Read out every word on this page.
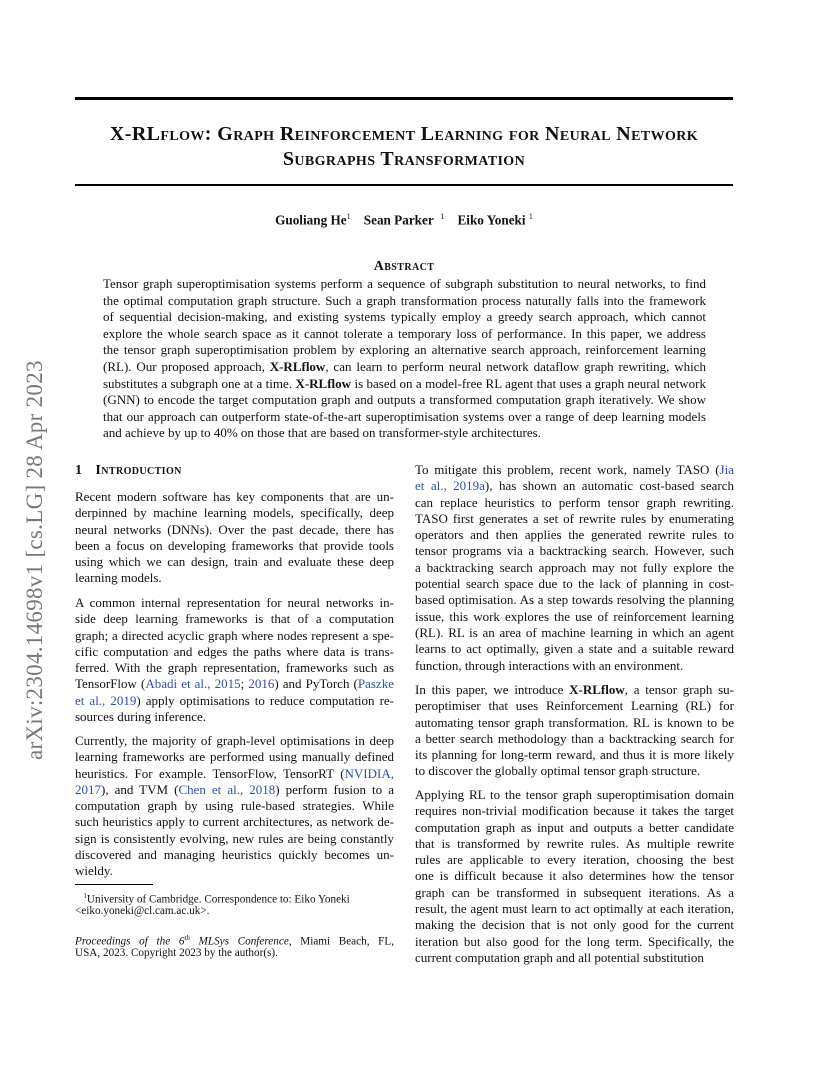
arXiv:2304.14698v1 [cs.LG] 28 Apr 2023
X-RLflow: Graph Reinforcement Learning for Neural Network
Subgraphs Transformation
Guoliang He$^1$ Sean Parker $^1$ Eiko Yoneki $^1$
Abstract
Tensor graph superoptimisation systems perform a sequence of subgraph substitution to neural networks, to find
the optimal computation graph structure. Such a graph transformation process naturally falls into the framework
of sequential decision-making, and existing systems typically employ a greedy search approach, which cannot
explore the whole search space as it cannot tolerate a temporary loss of performance. In this paper, we address
the tensor graph superoptimisation problem by exploring an alternative search approach, reinforcement learning
(RL). Our proposed approach, X-RLflow, can learn to perform neural network dataflow graph rewriting, which
substitutes a subgraph one at a time. X-RLflow is based on a model-free RL agent that uses a graph neural network
(GNN) to encode the target computation graph and outputs a transformed computation graph iteratively. We show
that our approach can outperform state-of-the-art superoptimisation systems over a range of deep learning models
and achieve by up to 40% on those that are based on transformer-style architectures.
1 Introduction
Recent modern software has key components that are un-
derpinned by machine learning models, specifically, deep
neural networks (DNNs). Over the past decade, there has
been a focus on developing frameworks that provide tools
using which we can design, train and evaluate these deep
learning models.
A common internal representation for neural networks in-
side deep learning frameworks is that of a computation
graph; a directed acyclic graph where nodes represent a spe-
cific computation and edges the paths where data is trans-
ferred. With the graph representation, frameworks such as
TensorFlow (Abadi et al., 2015; 2016) and PyTorch (Paszke
et al., 2019) apply optimisations to reduce computation re-
sources during inference.
Currently, the majority of graph-level optimisations in deep
learning frameworks are performed using manually defined
heuristics. For example. TensorFlow, TensorRT (NVIDIA,
2017), and TVM (Chen et al., 2018) perform fusion to a
computation graph by using rule-based strategies. While
such heuristics apply to current architectures, as network de-
sign is consistently evolving, new rules are being constantly
discovered and managing heuristics quickly becomes un-
wieldy.
$^1$University of Cambridge. Correspondence to: Eiko Yoneki
<eiko.yoneki@cl.cam.ac.uk>.
Proceedings of the 6th MLSys Conference, Miami Beach, FL,
USA, 2023. Copyright 2023 by the author(s).
To mitigate this problem, recent work, namely TASO (Jia
et al., 2019a), has shown an automatic cost-based search
can replace heuristics to perform tensor graph rewriting.
TASO first generates a set of rewrite rules by enumerating
operators and then applies the generated rewrite rules to
tensor programs via a backtracking search. However, such
a backtracking search approach may not fully explore the
potential search space due to the lack of planning in cost-
based optimisation. As a step towards resolving the planning
issue, this work explores the use of reinforcement learning
(RL). RL is an area of machine learning in which an agent
learns to act optimally, given a state and a suitable reward
function, through interactions with an environment.
In this paper, we introduce X-RLflow, a tensor graph su-
peroptimiser that uses Reinforcement Learning (RL) for
automating tensor graph transformation. RL is known to be
a better search methodology than a backtracking search for
its planning for long-term reward, and thus it is more likely
to discover the globally optimal tensor graph structure.
Applying RL to the tensor graph superoptimisation domain
requires non-trivial modification because it takes the target
computation graph as input and outputs a better candidate
that is transformed by rewrite rules. As multiple rewrite
rules are applicable to every iteration, choosing the best
one is difficult because it also determines how the tensor
graph can be transformed in subsequent iterations. As a
result, the agent must learn to act optimally at each iteration,
making the decision that is not only good for the current
iteration but also good for the long term. Specifically, the
current computation graph and all potential substitution
